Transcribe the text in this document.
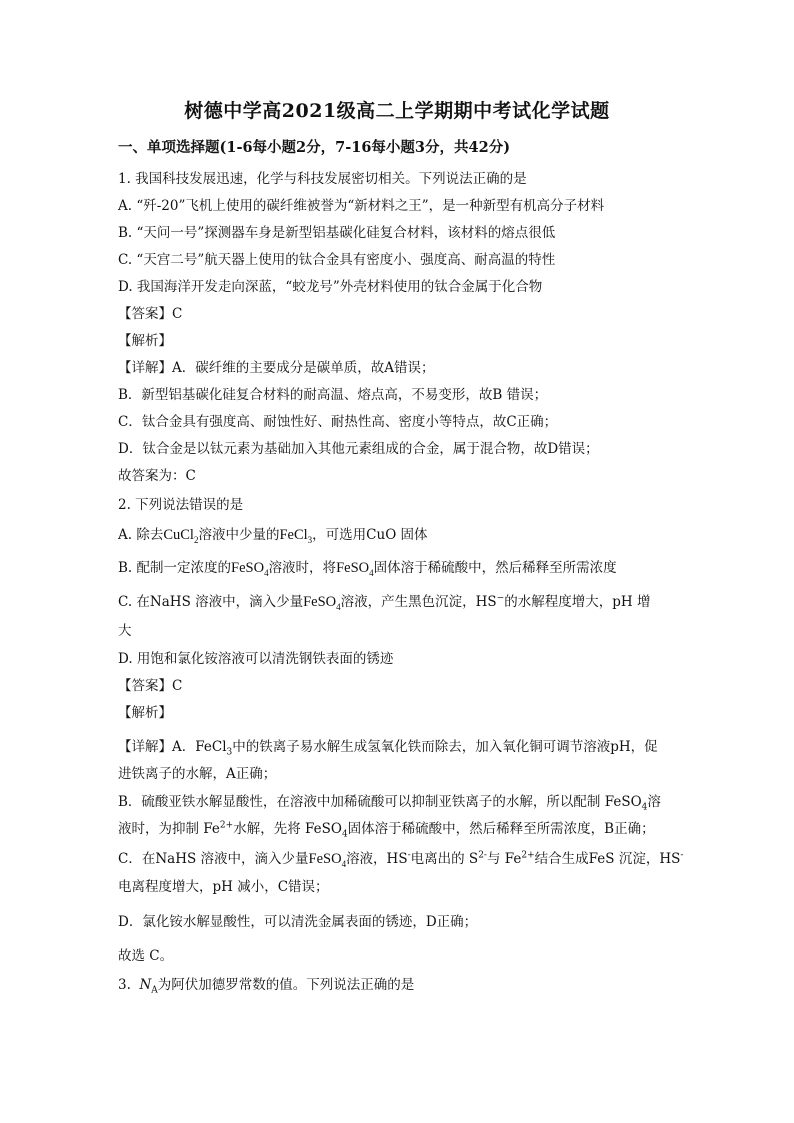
树德中学高2021级高二上学期期中考试化学试题
一、单项选择题(1-6每小题2分，7-16每小题3分，共42分)
1. 我国科技发展迅速，化学与科技发展密切相关。下列说法正确的是
A. “歼-20”飞机上使用的碳纤维被誉为“新材料之王”，是一种新型有机高分子材料
B. “天问一号”探测器车身是新型铝基碳化硅复合材料，该材料的熔点很低
C. “天宫二号”航天器上使用的钛合金具有密度小、强度高、耐高温的特性
D. 我国海洋开发走向深蓝，“蛟龙号”外壳材料使用的钛合金属于化合物
【答案】C
【解析】
【详解】A．碳纤维的主要成分是碳单质，故A错误；
B．新型铝基碳化硅复合材料的耐高温、熔点高，不易变形，故B 错误；
C．钛合金具有强度高、耐蚀性好、耐热性高、密度小等特点，故C正确；
D．钛合金是以钛元素为基础加入其他元素组成的合金，属于混合物，故D错误；
故答案为：C
2. 下列说法错误的是
A. 除去CuCl$_2$溶液中少量的FeCl$_3$，可选用CuO 固体
B. 配制一定浓度的FeSO$_4$溶液时，将FeSO$_4$固体溶于稀硫酸中，然后稀释至所需浓度
C. 在NaHS 溶液中，滴入少量FeSO$_4$溶液，产生黑色沉淀，HS−的水解程度增大，pH 增
大
D. 用饱和氯化铵溶液可以清洗钢铁表面的锈迹
【答案】C
【解析】
【详解】A．FeCl$_3$中的铁离子易水解生成氢氧化铁而除去，加入氧化铜可调节溶液pH，促
进铁离子的水解，A正确；
B．硫酸亚铁水解显酸性，在溶液中加稀硫酸可以抑制亚铁离子的水解，所以配制 FeSO$_4$溶
液时，为抑制 $Fe^{2+}$水解，先将 FeSO$_4$固体溶于稀硫酸中，然后稀释至所需浓度，B正确；
C．在NaHS 溶液中，滴入少量FeSO$_4$溶液，HS-电离出的 $S^{2-}$与 $Fe^{2+}$结合生成FeS 沉淀，HS-
电离程度增大，pH 减小，C错误；
D．氯化铵水解显酸性，可以清洗金属表面的锈迹，D正确；
故选 C。
3. $N_A$为阿伏加德罗常数的值。下列说法正确的是
